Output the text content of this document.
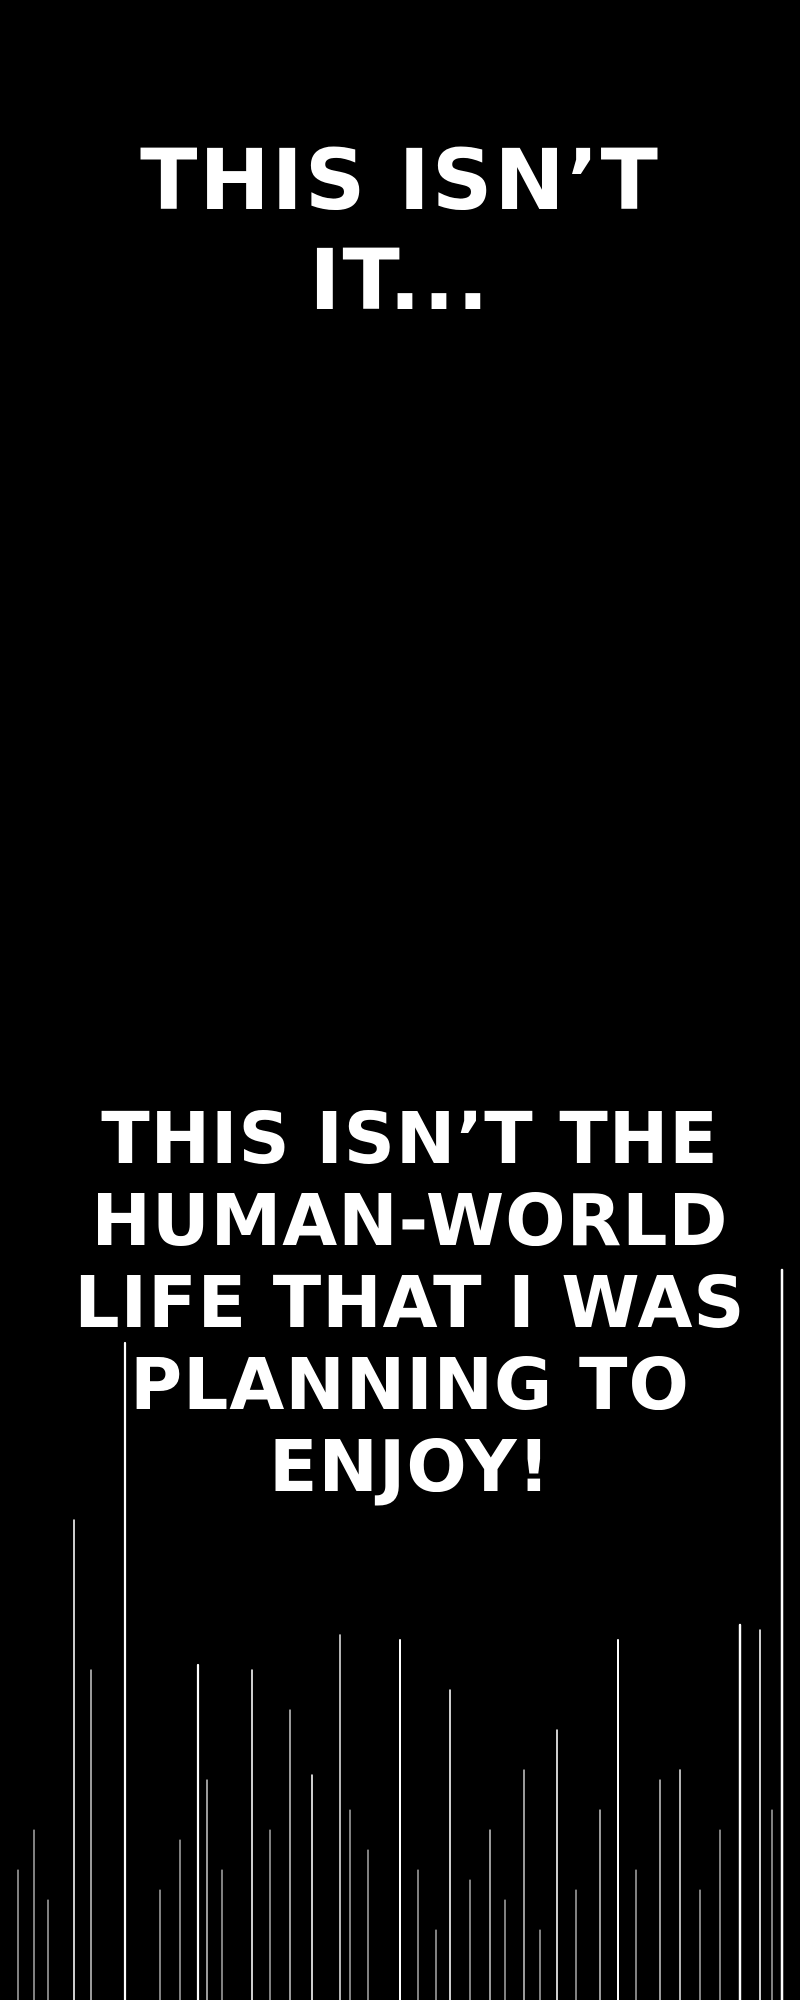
THIS ISN’T
IT...
THIS ISN’T THE
HUMAN-WORLD
LIFE THAT I WAS
PLANNING TO
ENJOY!
